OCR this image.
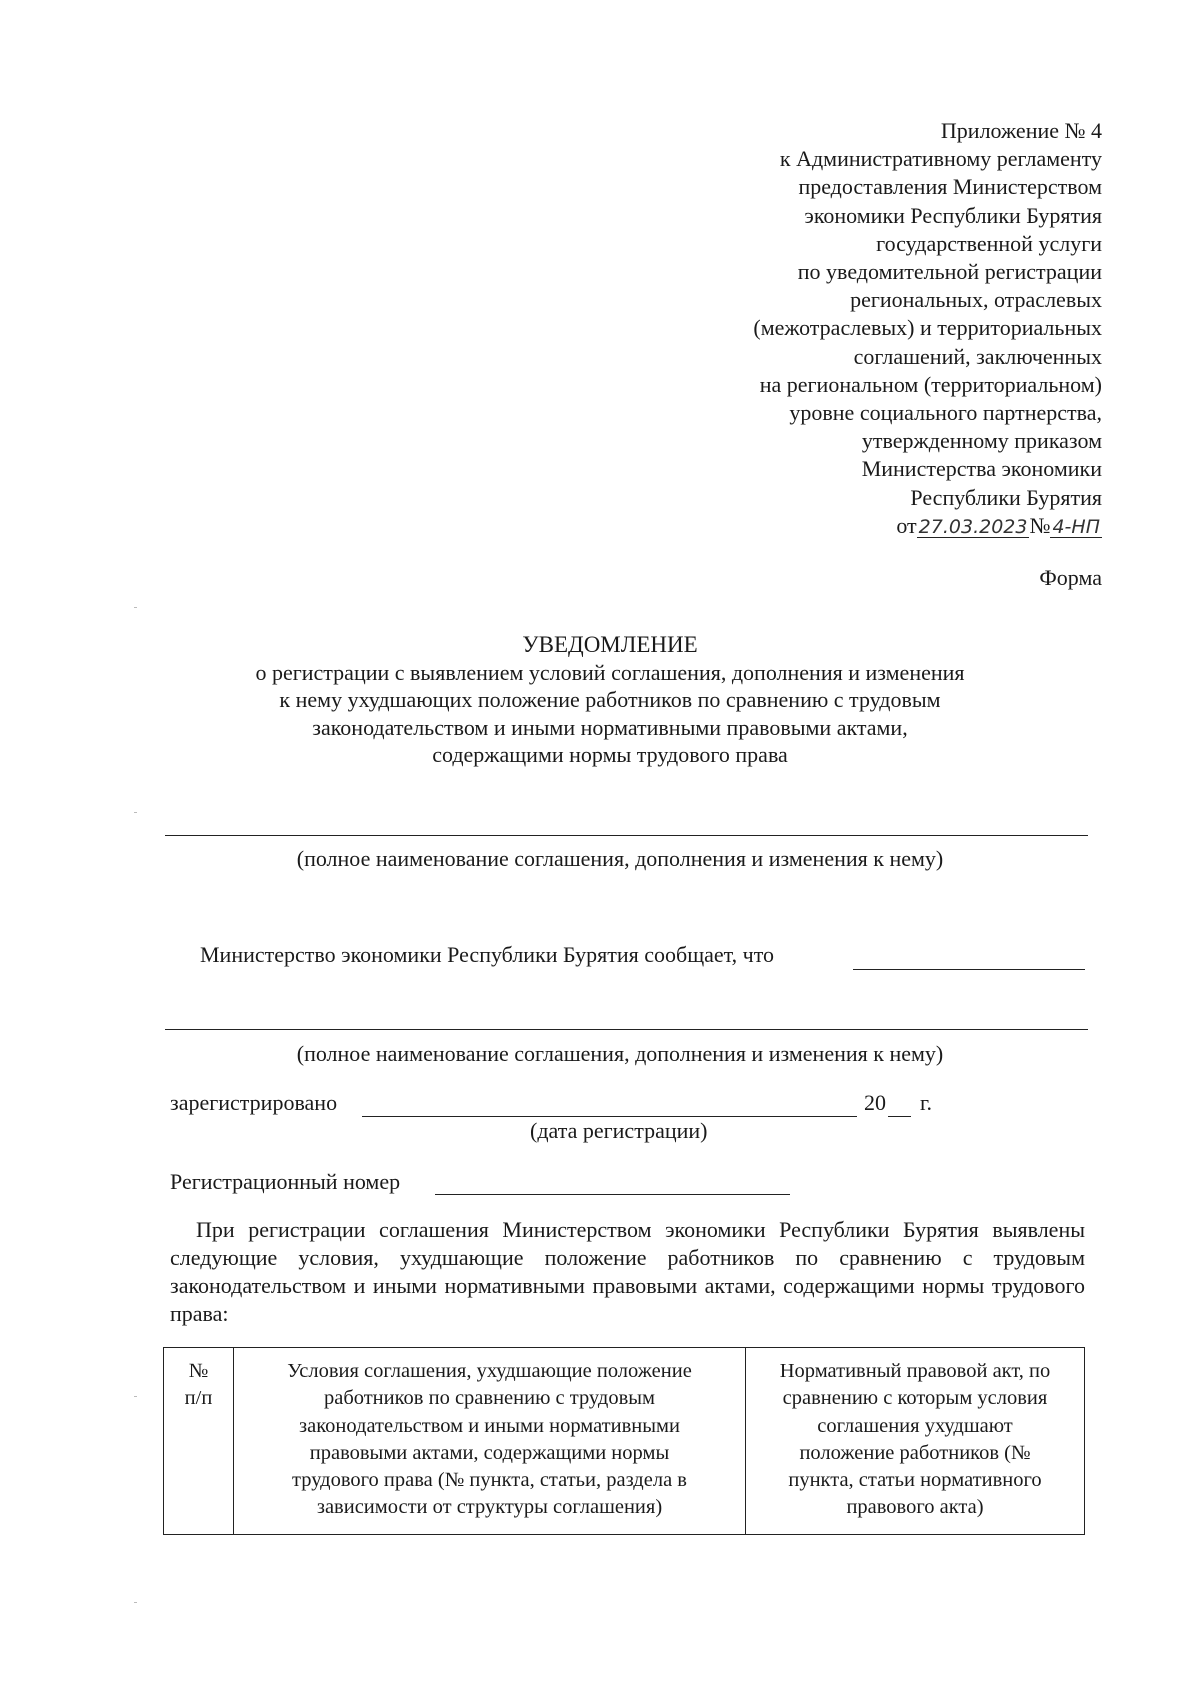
Приложение № 4
к Административному регламенту
предоставления Министерством
экономики Республики Бурятия
государственной услуги
по уведомительной регистрации
региональных, отраслевых
(межотраслевых) и территориальных
соглашений, заключенных
на региональном (территориальном)
уровне социального партнерства,
утвержденному приказом
Министерства экономики
Республики Бурятия
от 27.03.2023№ 4-НП
Форма
УВЕДОМЛЕНИЕ
о регистрации с выявлением условий соглашения, дополнения и изменения
к нему ухудшающих положение работников по сравнению с трудовым
законодательством и иными нормативными правовыми актами,
содержащими нормы трудового права
(полное наименование соглашения, дополнения и изменения к нему)
Министерство экономики Республики Бурятия сообщает, что
(полное наименование соглашения, дополнения и изменения к нему)
зарегистрировано	20 г.
(дата регистрации)
Регистрационный номер
При регистрации соглашения Министерством экономики Республики Бурятия выявлены следующие условия, ухудшающие положение работников по сравнению с трудовым законодательством и иными нормативными правовыми актами, содержащими нормы трудового права:
№
п/п
Условия соглашения, ухудшающие положение
работников по сравнению с трудовым
законодательством и иными нормативными
правовыми актами, содержащими нормы
трудового права (№ пункта, статьи, раздела в
зависимости от структуры соглашения)
Нормативный правовой акт, по
сравнению с которым условия
соглашения ухудшают
положение работников (№
пункта, статьи нормативного
правового акта)
